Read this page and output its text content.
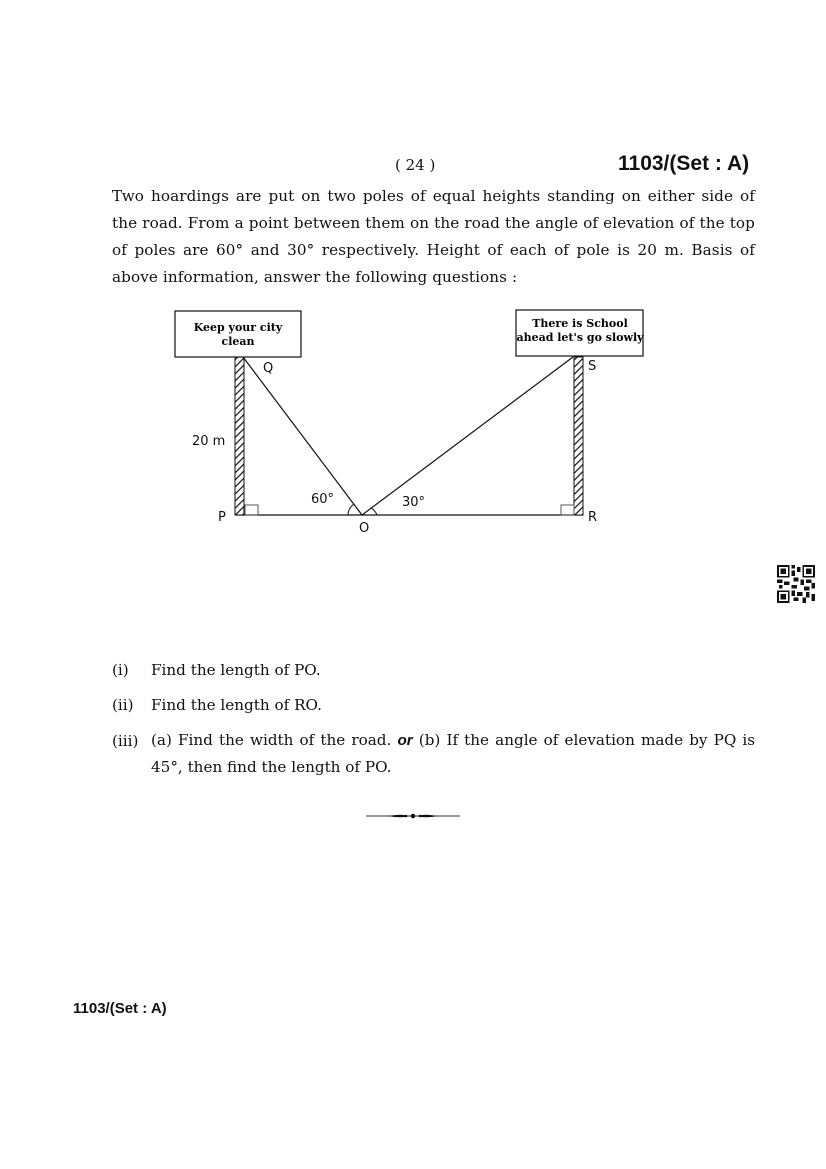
( 24 )	1103/(Set : A)
Two hoardings are put on two poles of equal heights standing on either side of the road. From a point between them on the road the angle of elevation of the top of poles are 60° and 30° respectively. Height of each of pole is 20 m. Basis of above information, answer the following questions :
Keep your city
clean
There is School
ahead let's go slowly
Q	S
P	R
O
20 m
60°	30°
(i) Find the length of PO.
(ii) Find the length of RO.
(iii) (a) Find the width of the road. or (b) If the angle of elevation made by PQ is 45°, then find the length of PO.
1103/(Set : A)
